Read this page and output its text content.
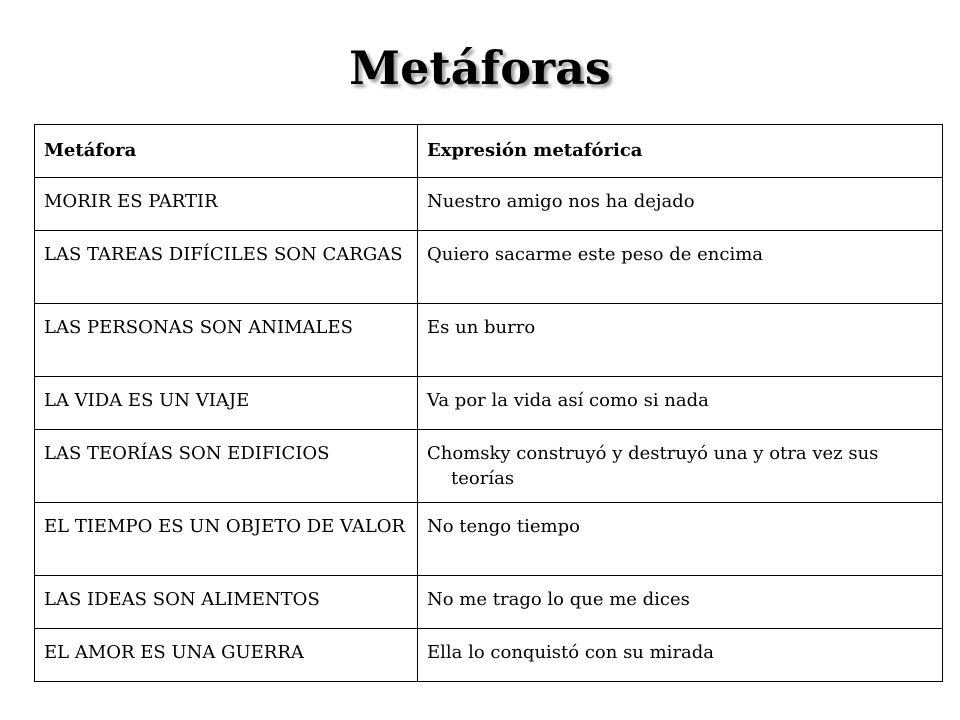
Metáforas
Metáfora	Expresión metafórica

MORIR ES PARTIR	Nuestro amigo nos ha dejado

LAS TAREAS DIFÍCILES SON CARGAS	Quiero sacarme este peso de encima

LAS PERSONAS SON ANIMALES	Es un burro

LA VIDA ES UN VIAJE	Va por la vida así como si nada

LAS TEORÍAS SON EDIFICIOS	Chomsky construyó y destruyó una y otra vez sus teorías

EL TIEMPO ES UN OBJETO DE VALOR	No tengo tiempo

LAS IDEAS SON ALIMENTOS	No me trago lo que me dices

EL AMOR ES UNA GUERRA	Ella lo conquistó con su mirada
